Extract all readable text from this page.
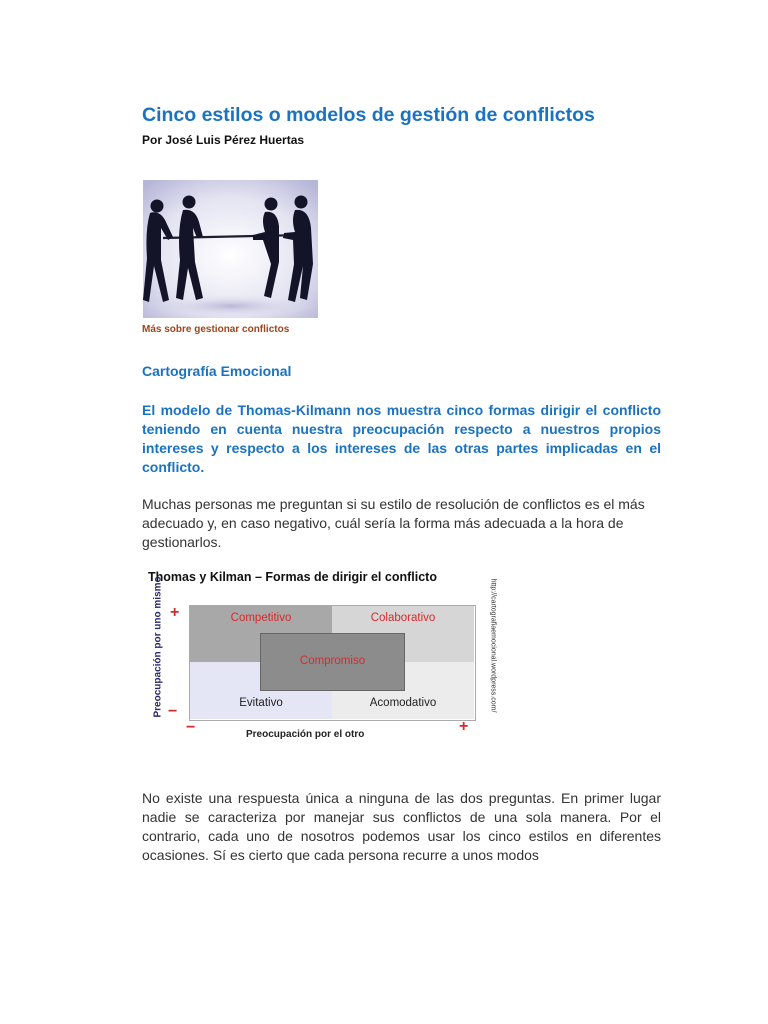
Cinco estilos o modelos de gestión de conflictos

Por José Luis Pérez Huertas

Más sobre gestionar conflictos
Cartografía Emocional

El modelo de Thomas-Kilmann nos muestra cinco formas dirigir el conflicto teniendo en cuenta nuestra preocupación respecto a nuestros propios intereses y respecto a los intereses de las otras partes implicadas en el conflicto.

Muchas personas me preguntan si su estilo de resolución de conflictos es el más adecuado y, en caso negativo, cuál sería la forma más adecuada a la hora de gestionarlos.

Thomas y Kilman – Formas de dirigir el conflicto
Competitivo	Colaborativo
Evitativo	Acomodativo
Compromiso
Preocupación por uno mismo
Preocupación por el otro
+
−
−	+
http://cartografiaemocional.wordpress.com/

No existe una respuesta única a ninguna de las dos preguntas. En primer lugar nadie se caracteriza por manejar sus conflictos de una sola manera. Por el contrario, cada uno de nosotros podemos usar los cinco estilos en diferentes ocasiones. Sí es cierto que cada persona recurre a unos modos
